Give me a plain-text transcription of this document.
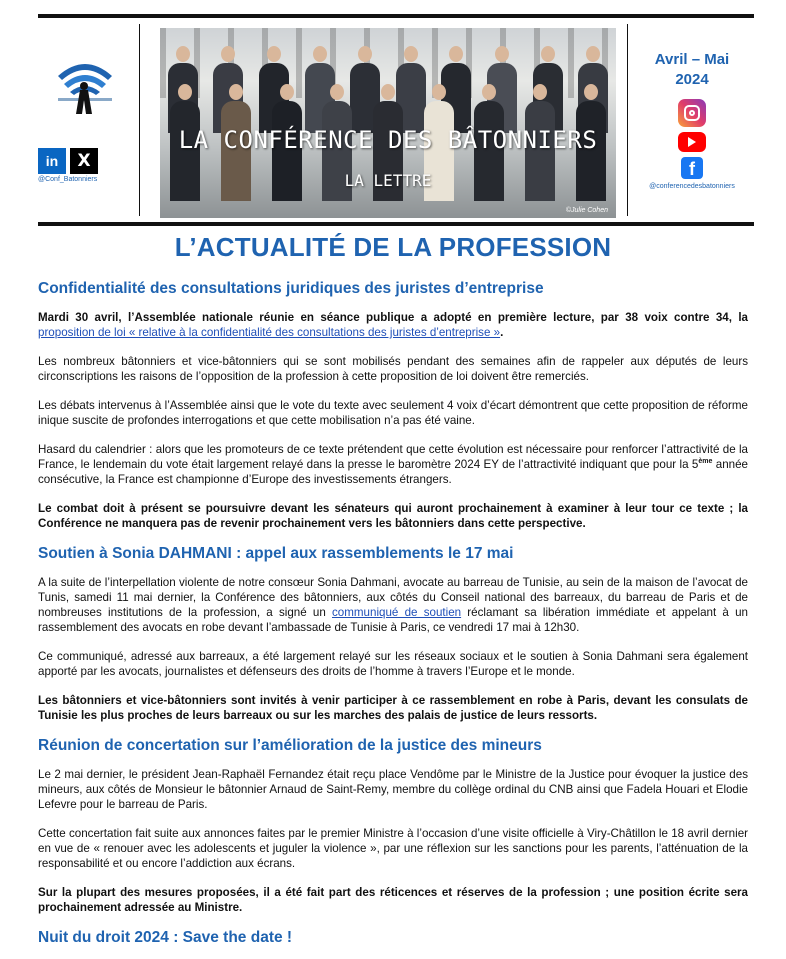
in	X
@Conf_Batonniers
LA CONFÉRENCE DES BÂTONNIERS
LA LETTRE
©Julie Cohen
Avril – Mai
2024
f
@conferencedesbatonniers
L’ACTUALITÉ DE LA PROFESSION
Confidentialité des consultations juridiques des juristes d’entreprise

Mardi 30 avril, l’Assemblée nationale réunie en séance publique a adopté en première lecture, par 38 voix contre 34, la proposition de loi « relative à la confidentialité des consultations des juristes d’entreprise ».

Les nombreux bâtonniers et vice-bâtonniers qui se sont mobilisés pendant des semaines afin de rappeler aux députés de leurs circonscriptions les raisons de l’opposition de la profession à cette proposition de loi doivent être remerciés.

Les débats intervenus à l’Assemblée ainsi que le vote du texte avec seulement 4 voix d’écart démontrent que cette proposition de réforme inique suscite de profondes interrogations et que cette mobilisation n’a pas été vaine.

Hasard du calendrier : alors que les promoteurs de ce texte prétendent que cette évolution est nécessaire pour renforcer l’attractivité de la France, le lendemain du vote était largement relayé dans la presse le baromètre 2024 EY de l’attractivité indiquant que pour la 5ème année consécutive, la France est championne d’Europe des investissements étrangers.

Le combat doit à présent se poursuivre devant les sénateurs qui auront prochainement à examiner à leur tour ce texte ; la Conférence ne manquera pas de revenir prochainement vers les bâtonniers dans cette perspective.

Soutien à Sonia DAHMANI : appel aux rassemblements le 17 mai

A la suite de l’interpellation violente de notre consœur Sonia Dahmani, avocate au barreau de Tunisie, au sein de la maison de l’avocat de Tunis, samedi 11 mai dernier, la Conférence des bâtonniers, aux côtés du Conseil national des barreaux, du barreau de Paris et de nombreuses institutions de la profession, a signé un communiqué de soutien réclamant sa libération immédiate et appelant à un rassemblement des avocats en robe devant l’ambassade de Tunisie à Paris, ce vendredi 17 mai à 12h30.

Ce communiqué, adressé aux barreaux, a été largement relayé sur les réseaux sociaux et le soutien à Sonia Dahmani sera également apporté par les avocats, journalistes et défenseurs des droits de l’homme à travers l’Europe et le monde.

Les bâtonniers et vice-bâtonniers sont invités à venir participer à ce rassemblement en robe à Paris, devant les consulats de Tunisie les plus proches de leurs barreaux ou sur les marches des palais de justice de leurs ressorts.

Réunion de concertation sur l’amélioration de la justice des mineurs

Le 2 mai dernier, le président Jean-Raphaël Fernandez était reçu place Vendôme par le Ministre de la Justice pour évoquer la justice des mineurs, aux côtés de Monsieur le bâtonnier Arnaud de Saint-Remy, membre du collège ordinal du CNB ainsi que Fadela Houari et Elodie Lefevre pour le barreau de Paris.

Cette concertation fait suite aux annonces faites par le premier Ministre à l’occasion d’une visite officielle à Viry-Châtillon le 18 avril dernier en vue de « renouer avec les adolescents et juguler la violence », par une réflexion sur les sanctions pour les parents, l’atténuation de la responsabilité et ou encore l’addiction aux écrans.

Sur la plupart des mesures proposées, il a été fait part des réticences et réserves de la profession ; une position écrite sera prochainement adressée au Ministre.

Nuit du droit 2024 : Save the date !
